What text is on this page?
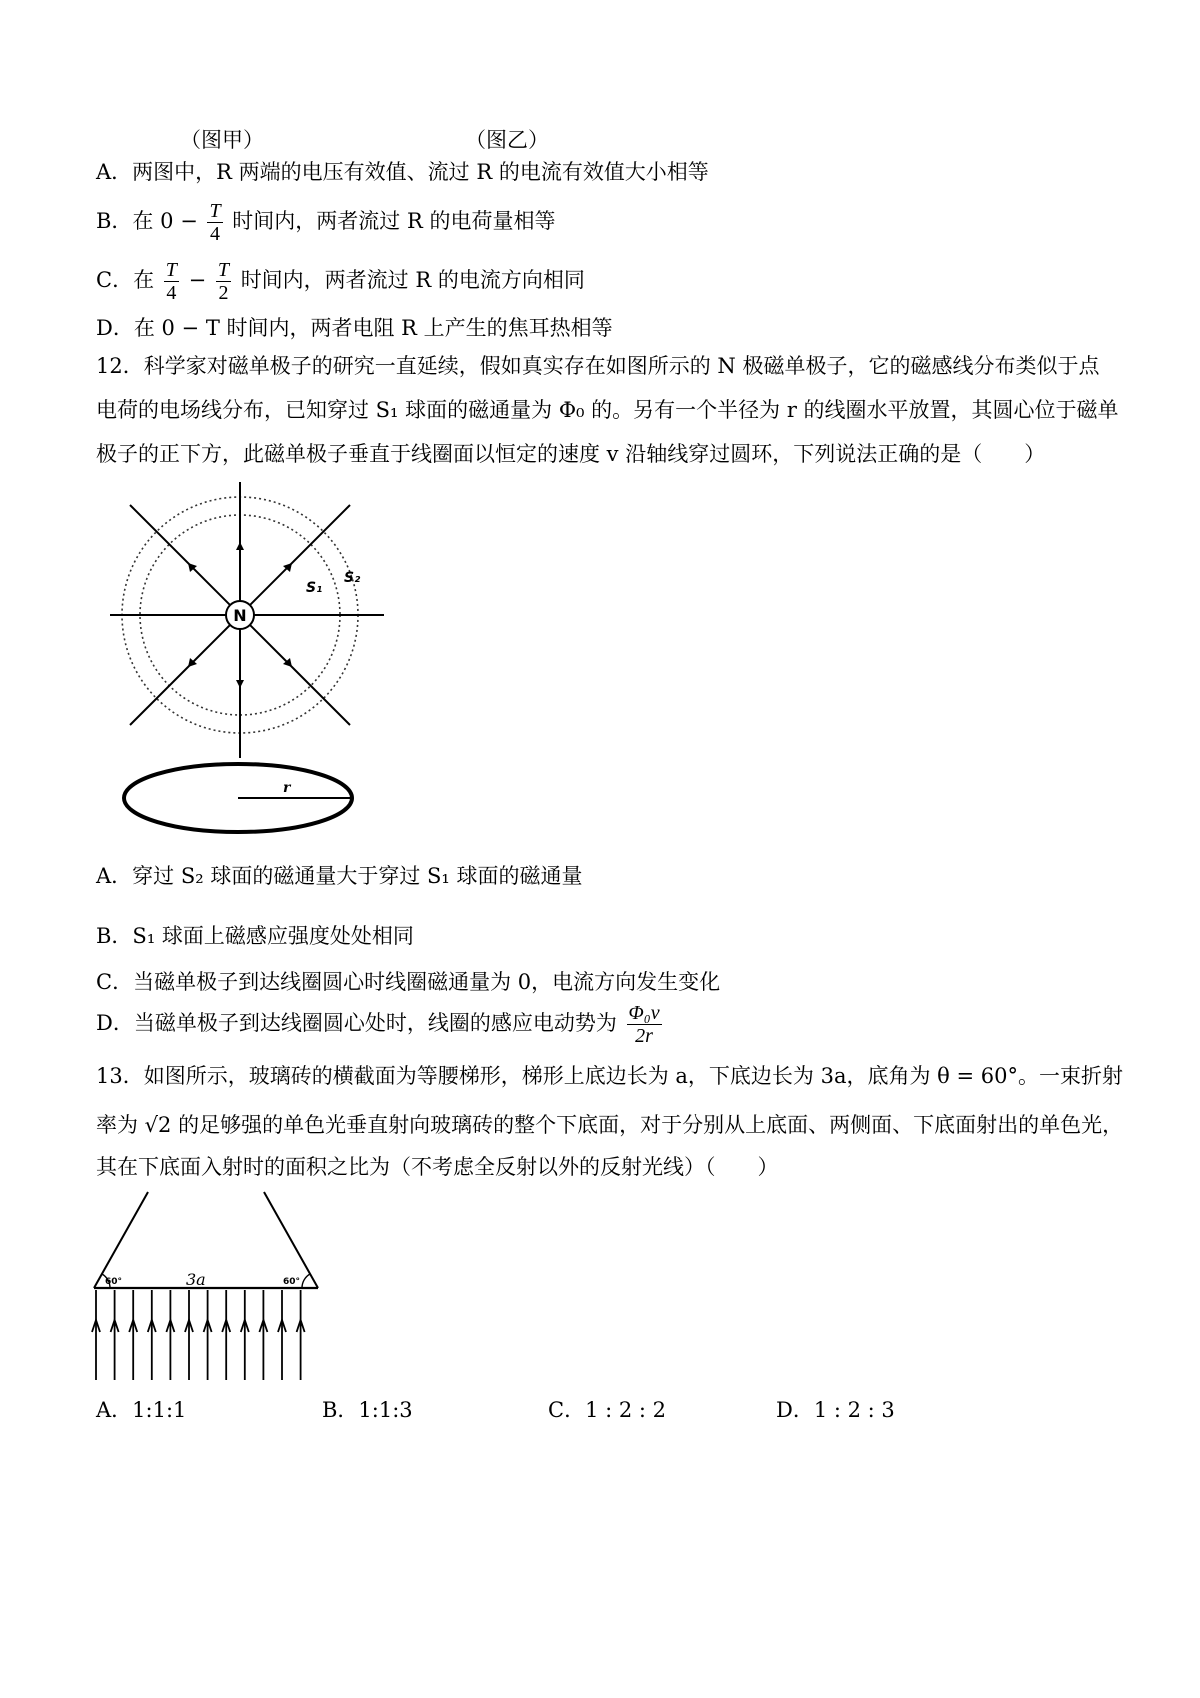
（图甲）	（图乙）
A．两图中，R 两端的电压有效值、流过 R 的电流有效值大小相等
B．在 $0 - \frac{T}{4}$ 时间内，两者流过 R 的电荷量相等
C．在 $\frac{T}{4} - \frac{T}{2}$ 时间内，两者流过 R 的电流方向相同
D．在 0 − T 时间内，两者电阻 R 上产生的焦耳热相等
12．科学家对磁单极子的研究一直延续，假如真实存在如图所示的 N 极磁单极子，它的磁感线分布类似于点
电荷的电场线分布，已知穿过 S₁ 球面的磁通量为 Φ₀ 的。另有一个半径为 r 的线圈水平放置，其圆心位于磁单
极子的正下方，此磁单极子垂直于线圈面以恒定的速度 v 沿轴线穿过圆环，下列说法正确的是（　　）
N
S₁
S₂
r
A．穿过 S₂ 球面的磁通量大于穿过 S₁ 球面的磁通量
B．S₁ 球面上磁感应强度处处相同
C．当磁单极子到达线圈圆心时线圈磁通量为 0，电流方向发生变化
D．当磁单极子到达线圈圆心处时，线圈的感应电动势为 $\frac{\text{Φ₀v}}{2r}$
13．如图所示，玻璃砖的横截面为等腰梯形，梯形上底边长为 a，下底边长为 3a，底角为 θ = 60°。一束折射
率为 √2 的足够强的单色光垂直射向玻璃砖的整个下底面，对于分别从上底面、两侧面、下底面射出的单色光，
其在下底面入射时的面积之比为（不考虑全反射以外的反射光线）（　　）
60°	60°
3a
A．1:1:1	B．1:1:3	C．1 : 2 : 2	D．1 : 2 : 3
